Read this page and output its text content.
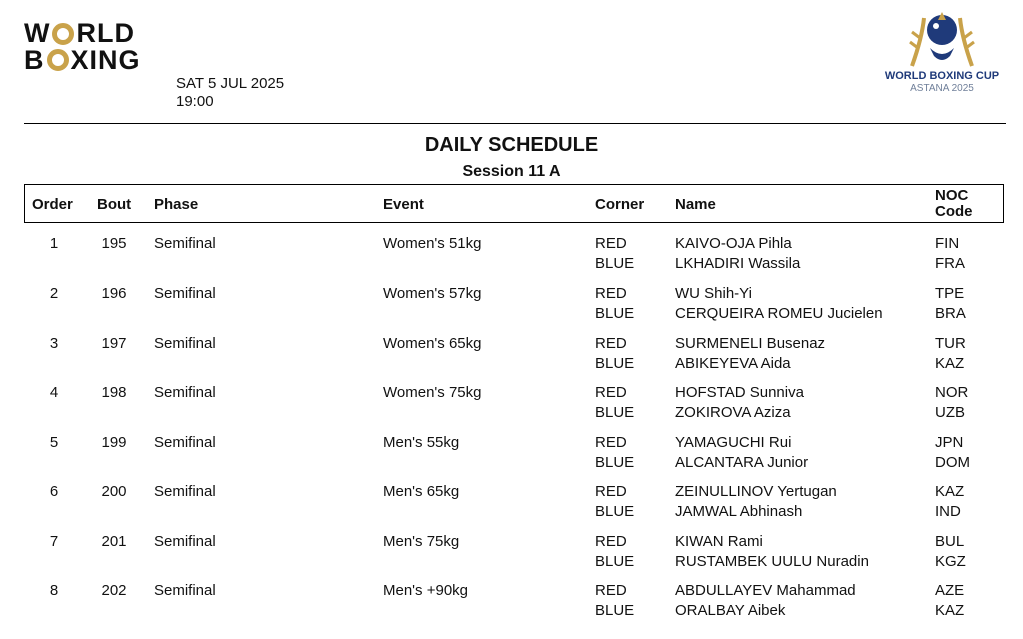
W RLD
B XING
SAT 5 JUL 2025
19:00
WORLD BOXING CUP
ASTANA 2025
DAILY SCHEDULE
Session 11 A
Order Bout Phase	Event	Corner Name
NOC
Code
1	195 Semifinal	Women's 51kg	RED	KAIVO-OJA Pihla	FIN
BLUE	LKHADIRI Wassila	FRA
2	196 Semifinal	Women's 57kg	RED	WU Shih-Yi	TPE
BLUE	CERQUEIRA ROMEU Jucielen	BRA
3	197 Semifinal	Women's 65kg	RED	SURMENELI Busenaz	TUR
BLUE	ABIKEYEVA Aida	KAZ
4	198 Semifinal	Women's 75kg	RED	HOFSTAD Sunniva	NOR
BLUE	ZOKIROVA Aziza	UZB
5	199 Semifinal	Men's 55kg	RED	YAMAGUCHI Rui	JPN
BLUE	ALCANTARA Junior	DOM
6	200 Semifinal	Men's 65kg	RED	ZEINULLINOV Yertugan	KAZ
BLUE	JAMWAL Abhinash	IND
7	201 Semifinal	Men's 75kg	RED	KIWAN Rami	BUL
BLUE	RUSTAMBEK UULU Nuradin	KGZ
8	202 Semifinal	Men's +90kg	RED	ABDULLAYEV Mahammad	AZE
BLUE	ORALBAY Aibek	KAZ
